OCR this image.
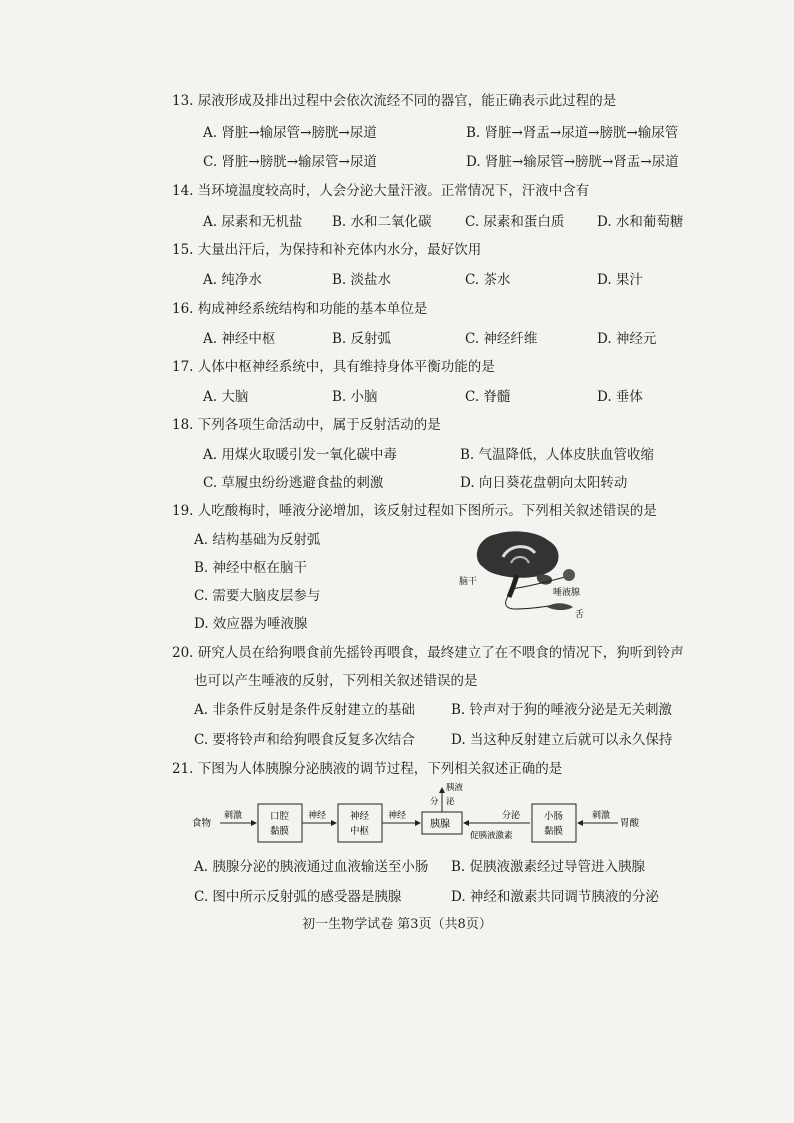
13. 尿液形成及排出过程中会依次流经不同的器官，能正确表示此过程的是
A. 肾脏→输尿管→膀胱→尿道	B. 肾脏→肾盂→尿道→膀胱→输尿管
C. 肾脏→膀胱→输尿管→尿道	D. 肾脏→输尿管→膀胱→肾盂→尿道
14. 当环境温度较高时，人会分泌大量汗液。正常情况下，汗液中含有
A. 尿素和无机盐 B. 水和二氧化碳 C. 尿素和蛋白质 D. 水和葡萄糖
15. 大量出汗后，为保持和补充体内水分，最好饮用
A. 纯净水	B. 淡盐水	C. 茶水	D. 果汁
16. 构成神经系统结构和功能的基本单位是
A. 神经中枢	B. 反射弧	C. 神经纤维	D. 神经元
17. 人体中枢神经系统中，具有维持身体平衡功能的是
A. 大脑	B. 小脑	C. 脊髓	D. 垂体
18. 下列各项生命活动中，属于反射活动的是
A. 用煤火取暖引发一氧化碳中毒	B. 气温降低，人体皮肤血管收缩
C. 草履虫纷纷逃避食盐的刺激	D. 向日葵花盘朝向太阳转动
19. 人吃酸梅时，唾液分泌增加，该反射过程如下图所示。下列相关叙述错误的是
A. 结构基础为反射弧
B. 神经中枢在脑干
C. 需要大脑皮层参与
D. 效应器为唾液腺
脑干
唾液腺
舌
20. 研究人员在给狗喂食前先摇铃再喂食，最终建立了在不喂食的情况下，狗听到铃声
也可以产生唾液的反射，下列相关叙述错误的是
A. 非条件反射是条件反射建立的基础	B. 铃声对于狗的唾液分泌是无关刺激
C. 要将铃声和给狗喂食反复多次结合	D. 当这种反射建立后就可以永久保持
21. 下图为人体胰腺分泌胰液的调节过程，下列相关叙述正确的是
食物
刺激	口腔
黏膜
神经	神经
中枢
神经
胰腺
胰液
分 泌
分泌
促胰液激素
小肠
黏膜
刺激
胃酸
A. 胰腺分泌的胰液通过血液输送至小肠 B. 促胰液激素经过导管进入胰腺
C. 图中所示反射弧的感受器是胰腺	D. 神经和激素共同调节胰液的分泌
初一生物学试卷 第3页（共8页）
